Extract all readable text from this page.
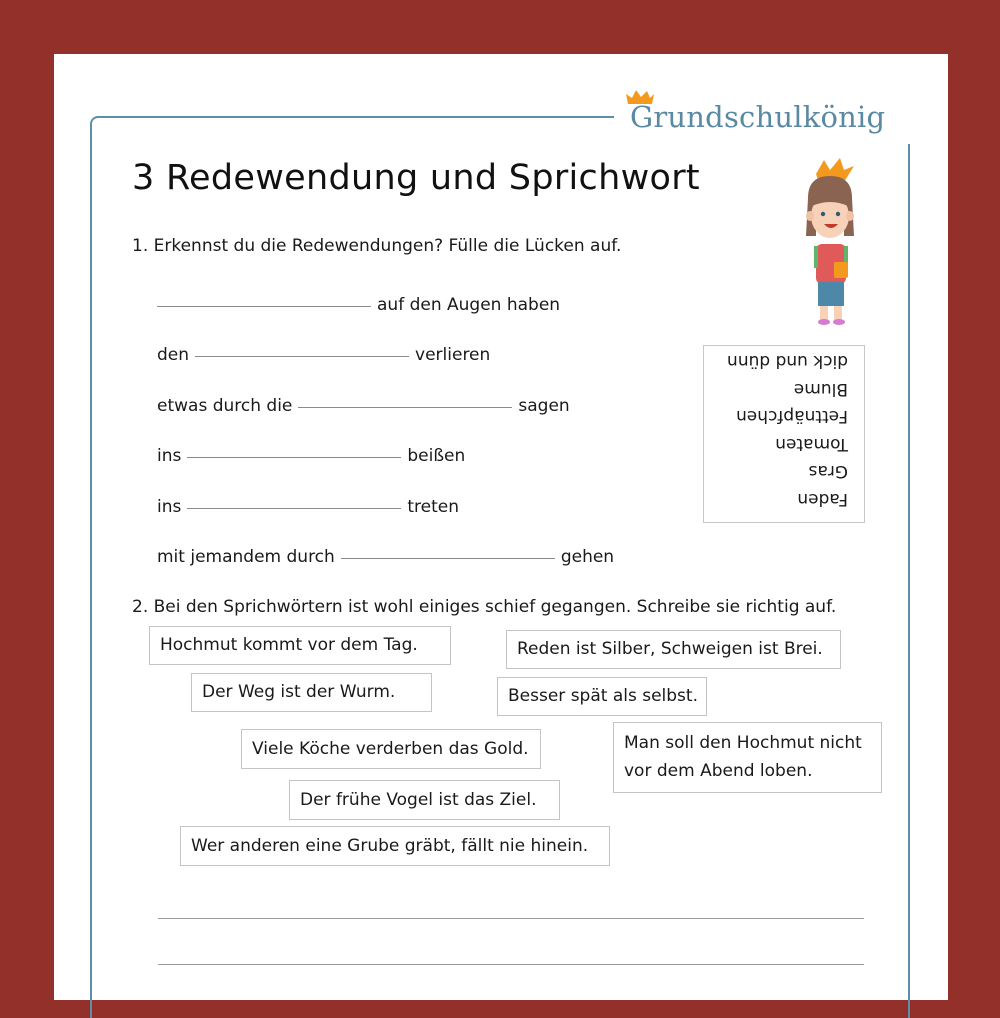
Grundschulkönig
3 Redewendung und Sprichwort
1. Erkennst du die Redewendungen? Fülle die Lücken auf.
auf den Augen haben
den	verlieren
etwas durch die	sagen
ins	beißen
ins	treten
mit jemandem durch	gehen
Faden
Gras
Tomaten
Fettnäpfchen
Blume
dick und dünn
2. Bei den Sprichwörtern ist wohl einiges schief gegangen. Schreibe sie richtig auf.
Hochmut kommt vor dem Tag.	Reden ist Silber, Schweigen ist Brei.
Der Weg ist der Wurm.	Besser spät als selbst.
Viele Köche verderben das Gold.	Man soll den Hochmut nicht vor dem Abend loben.
Der frühe Vogel ist das Ziel.
Wer anderen eine Grube gräbt, fällt nie hinein.
